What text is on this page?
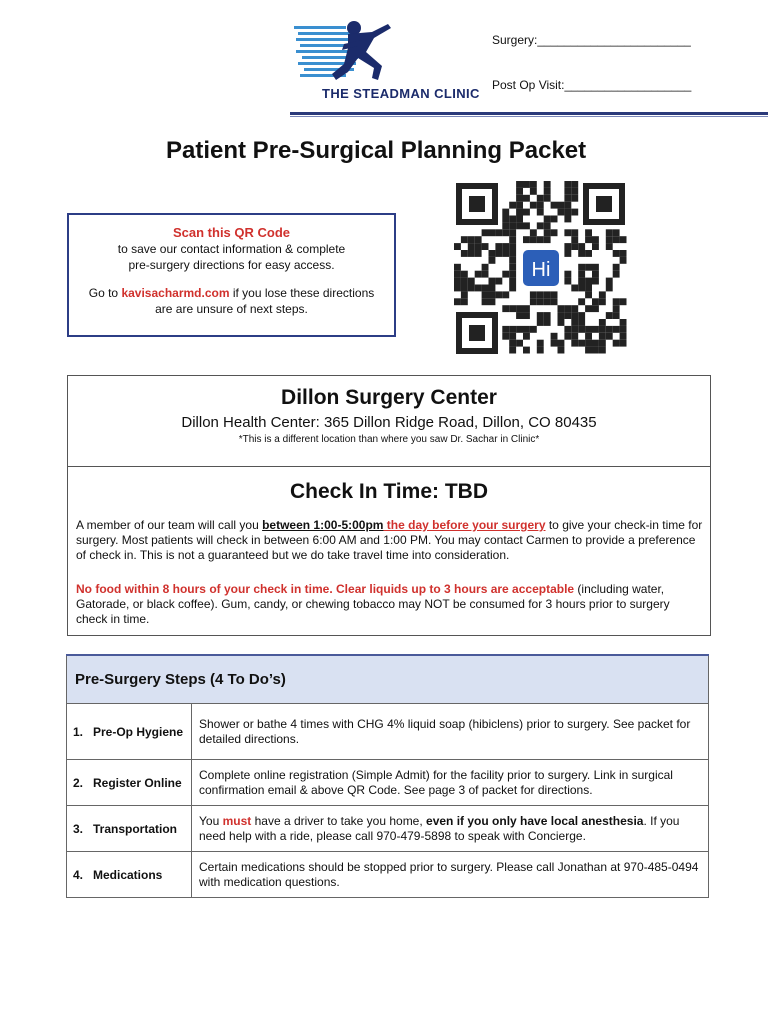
THE STEADMAN CLINIC
Surgery:_______________________
Post Op Visit:___________________
Patient Pre-Surgical Planning Packet
Scan this QR Code
to save our contact information & complete
pre-surgery directions for easy access.
Go to kavisacharmd.com if you lose these directions
are are unsure of next steps.
Hi
Dillon Surgery Center
Dillon Health Center: 365 Dillon Ridge Road, Dillon, CO 80435
*This is a different location than where you saw Dr. Sachar in Clinic*
Check In Time: TBD
A member of our team will call you between 1:00-5:00pm the day before your surgery to give your check-in time for surgery. Most patients will check in between 6:00 AM and 1:00 PM. You may contact Carmen to provide a preference of check in. This is not a guaranteed but we do take travel time into consideration.
No food within 8 hours of your check in time. Clear liquids up to 3 hours are acceptable (including water, Gatorade, or black coffee). Gum, candy, or chewing tobacco may NOT be consumed for 3 hours prior to surgery check in time.
Pre-Surgery Steps (4 To Do’s)	

1. Pre-Op Hygiene	Shower or bathe 4 times with CHG 4% liquid soap (hibiclens) prior to surgery. See packet for detailed directions.

2. Register Online	Complete online registration (Simple Admit) for the facility prior to surgery. Link in surgical confirmation email & above QR Code. See page 3 of packet for directions.

3. Transportation	You must have a driver to take you home, even if you only have local anesthesia. If you need help with a ride, please call 970-479-5898 to speak with Concierge.

4. Medications	Certain medications should be stopped prior to surgery. Please call Jonathan at 970-485-0494 with medication questions.
